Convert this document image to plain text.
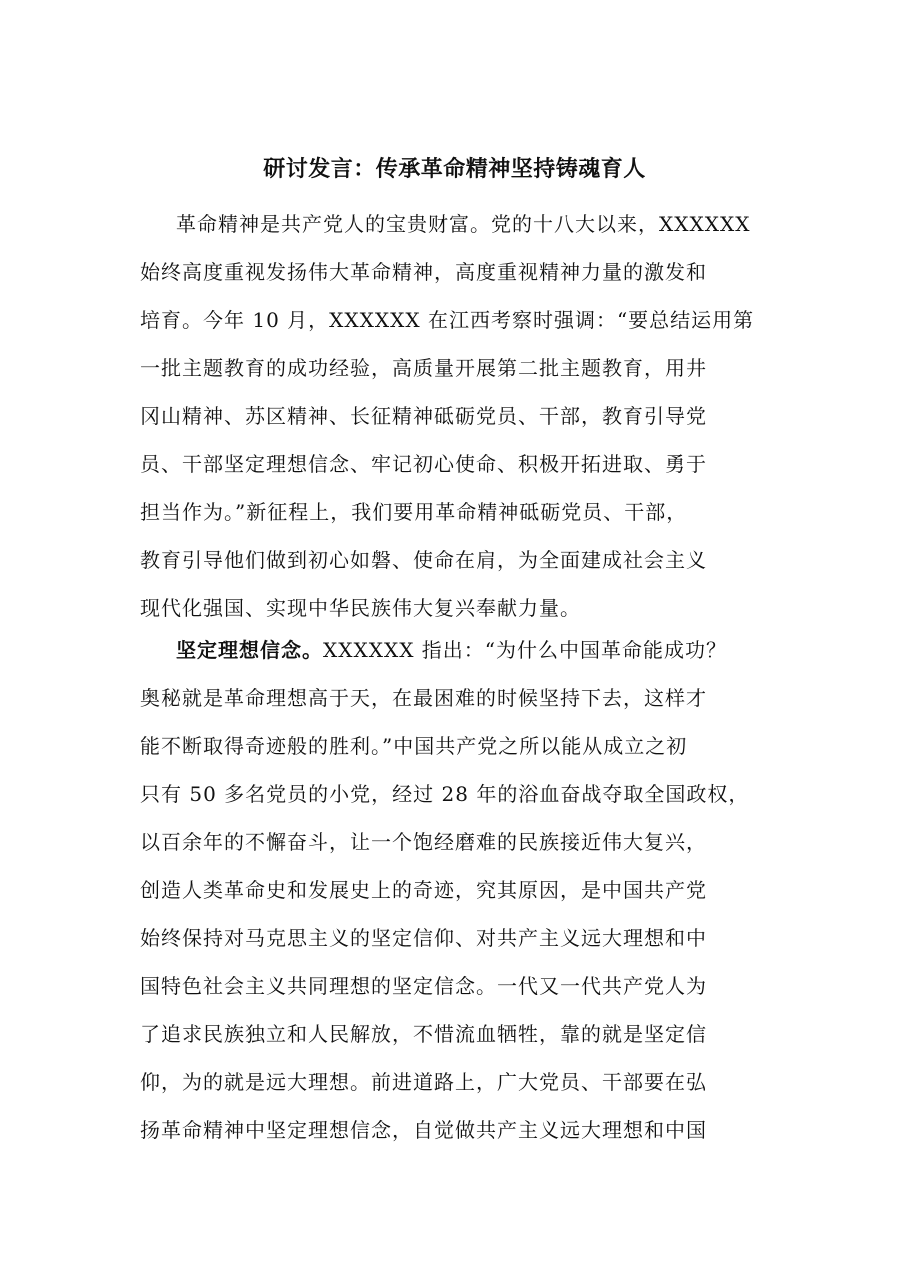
研讨发言：传承革命精神坚持铸魂育人
革命精神是共产党人的宝贵财富。党的十八大以来，XXXXXX
始终高度重视发扬伟大革命精神，高度重视精神力量的激发和
培育。今年 10 月，XXXXXX 在江西考察时强调：“要总结运用第
一批主题教育的成功经验，高质量开展第二批主题教育，用井
冈山精神、苏区精神、长征精神砥砺党员、干部，教育引导党
员、干部坚定理想信念、牢记初心使命、积极开拓进取、勇于
担当作为。”新征程上，我们要用革命精神砥砺党员、干部，
教育引导他们做到初心如磐、使命在肩，为全面建成社会主义
现代化强国、实现中华民族伟大复兴奉献力量。
坚定理想信念。XXXXXX 指出：“为什么中国革命能成功？
奥秘就是革命理想高于天，在最困难的时候坚持下去，这样才
能不断取得奇迹般的胜利。”中国共产党之所以能从成立之初
只有 50 多名党员的小党，经过 28 年的浴血奋战夺取全国政权，
以百余年的不懈奋斗，让一个饱经磨难的民族接近伟大复兴，
创造人类革命史和发展史上的奇迹，究其原因，是中国共产党
始终保持对马克思主义的坚定信仰、对共产主义远大理想和中
国特色社会主义共同理想的坚定信念。一代又一代共产党人为
了追求民族独立和人民解放，不惜流血牺牲，靠的就是坚定信
仰，为的就是远大理想。前进道路上，广大党员、干部要在弘
扬革命精神中坚定理想信念，自觉做共产主义远大理想和中国
